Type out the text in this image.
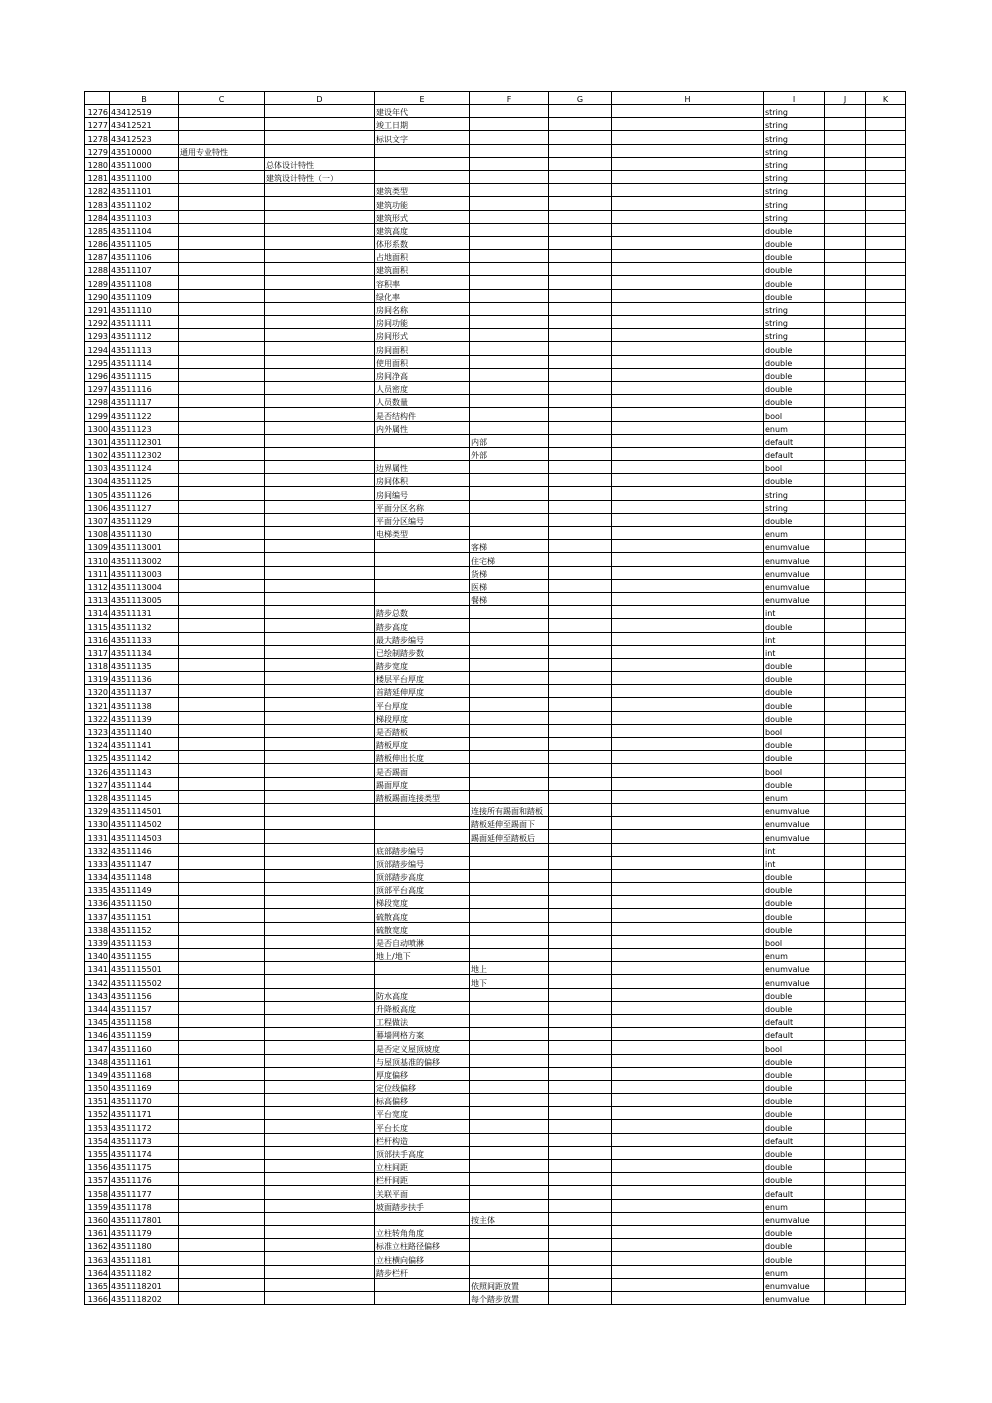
	B	C	D	E	F	G	H	I	J	K
1276	43412519			建设年代				string		
1277	43412521			竣工日期				string		
1278	43412523			标识文字				string		
1279	43510000	通用专业特性						string		
1280	43511000		总体设计特性					string		
1281	43511100		建筑设计特性（一）					string		
1282	43511101			建筑类型				string		
1283	43511102			建筑功能				string		
1284	43511103			建筑形式				string		
1285	43511104			建筑高度				double		
1286	43511105			体形系数				double		
1287	43511106			占地面积				double		
1288	43511107			建筑面积				double		
1289	43511108			容积率				double		
1290	43511109			绿化率				double		
1291	43511110			房间名称				string		
1292	43511111			房间功能				string		
1293	43511112			房间形式				string		
1294	43511113			房间面积				double		
1295	43511114			使用面积				double		
1296	43511115			房间净高				double		
1297	43511116			人员密度				double		
1298	43511117			人员数量				double		
1299	43511122			是否结构件				bool		
1300	43511123			内外属性				enum		
1301	4351112301				内部			default		
1302	4351112302				外部			default		
1303	43511124			边界属性				bool		
1304	43511125			房间体积				double		
1305	43511126			房间编号				string		
1306	43511127			平面分区名称				string		
1307	43511129			平面分区编号				double		
1308	43511130			电梯类型				enum		
1309	4351113001				客梯			enumvalue		
1310	4351113002				住宅梯			enumvalue		
1311	4351113003				货梯			enumvalue		
1312	4351113004				医梯			enumvalue		
1313	4351113005				餐梯			enumvalue		
1314	43511131			踏步总数				int		
1315	43511132			踏步高度				double		
1316	43511133			最大踏步编号				int		
1317	43511134			已绘制踏步数				int		
1318	43511135			踏步宽度				double		
1319	43511136			楼层平台厚度				double		
1320	43511137			首踏延伸厚度				double		
1321	43511138			平台厚度				double		
1322	43511139			梯段厚度				double		
1323	43511140			是否踏板				bool		
1324	43511141			踏板厚度				double		
1325	43511142			踏板伸出长度				double		
1326	43511143			是否踢面				bool		
1327	43511144			踢面厚度				double		
1328	43511145			踏板踢面连接类型				enum		
1329	4351114501				连接所有踢面和踏板			enumvalue		
1330	4351114502				踏板延伸至踢面下			enumvalue		
1331	4351114503				踢面延伸至踏板后			enumvalue		
1332	43511146			底部踏步编号				int		
1333	43511147			顶部踏步编号				int		
1334	43511148			顶部踏步高度				double		
1335	43511149			顶部平台高度				double		
1336	43511150			梯段宽度				double		
1337	43511151			硫散高度				double		
1338	43511152			硫散宽度				double		
1339	43511153			是否自动喷淋				bool		
1340	43511155			地上/地下				enum		
1341	4351115501				地上			enumvalue		
1342	4351115502				地下			enumvalue		
1343	43511156			防水高度				double		
1344	43511157			升降板高度				double		
1345	43511158			工程做法				default		
1346	43511159			幕墙网格方案				default		
1347	43511160			是否定义屋顶坡度				bool		
1348	43511161			与屋顶基准的偏移				double		
1349	43511168			厚度偏移				double		
1350	43511169			定位线偏移				double		
1351	43511170			标高偏移				double		
1352	43511171			平台宽度				double		
1353	43511172			平台长度				double		
1354	43511173			栏杆构造				default		
1355	43511174			顶部扶手高度				double		
1356	43511175			立柱间距				double		
1357	43511176			栏杆间距				double		
1358	43511177			关联平面				default		
1359	43511178			坡面踏步扶手				enum		
1360	4351117801				按主体			enumvalue		
1361	43511179			立柱转角角度				double		
1362	43511180			标准立柱路径偏移				double		
1363	43511181			立柱横向偏移				double		
1364	43511182			踏步栏杆				enum		
1365	4351118201				依照间距放置			enumvalue		
1366	4351118202				每个踏步放置			enumvalue		
